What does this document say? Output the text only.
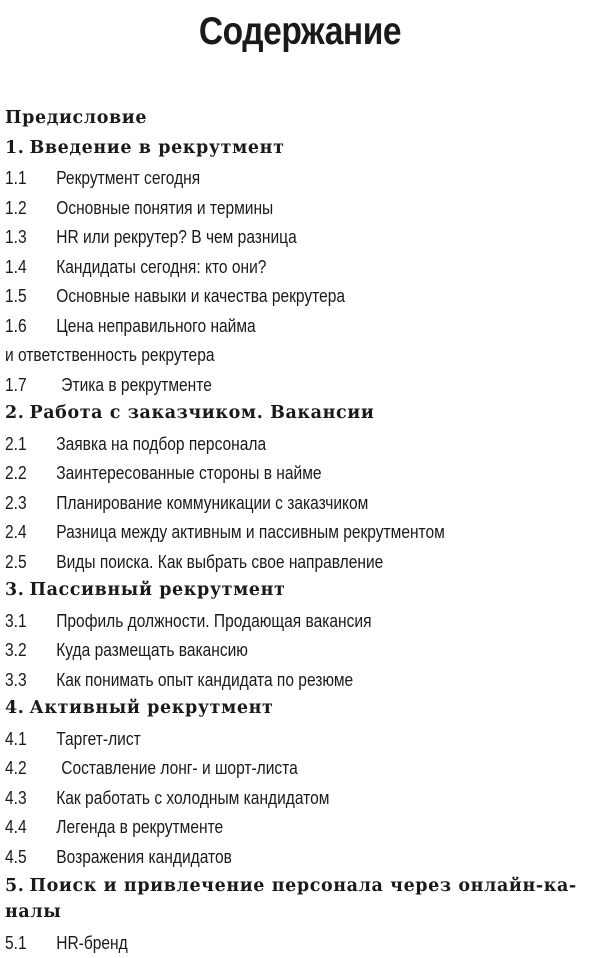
Содержание
Предисловие
1. Введение в рекрутмент
1.1 Рекрутмент сегодня
1.2 Основные понятия и термины
1.3 HR или рекрутер? В чем разница
1.4 Кандидаты сегодня: кто они?
1.5 Основные навыки и качества рекрутера
1.6 Цена неправильного найма
и ответственность рекрутера
1.7 Этика в рекрутменте
2. Работа с заказчиком. Вакансии
2.1 Заявка на подбор персонала
2.2 Заинтересованные стороны в найме
2.3 Планирование коммуникации с заказчиком
2.4 Разница между активным и пассивным рекрутментом
2.5 Виды поиска. Как выбрать свое направление
3. Пассивный рекрутмент
3.1 Профиль должности. Продающая вакансия
3.2 Куда размещать вакансию
3.3 Как понимать опыт кандидата по резюме
4. Активный рекрутмент
4.1 Таргет-лист
4.2 Составление лонг- и шорт-листа
4.3 Как работать с холодным кандидатом
4.4 Легенда в рекрутменте
4.5 Возражения кандидатов
5. Поиск и привлечение персонала через онлайн-ка-налы
5.1 HR-бренд
